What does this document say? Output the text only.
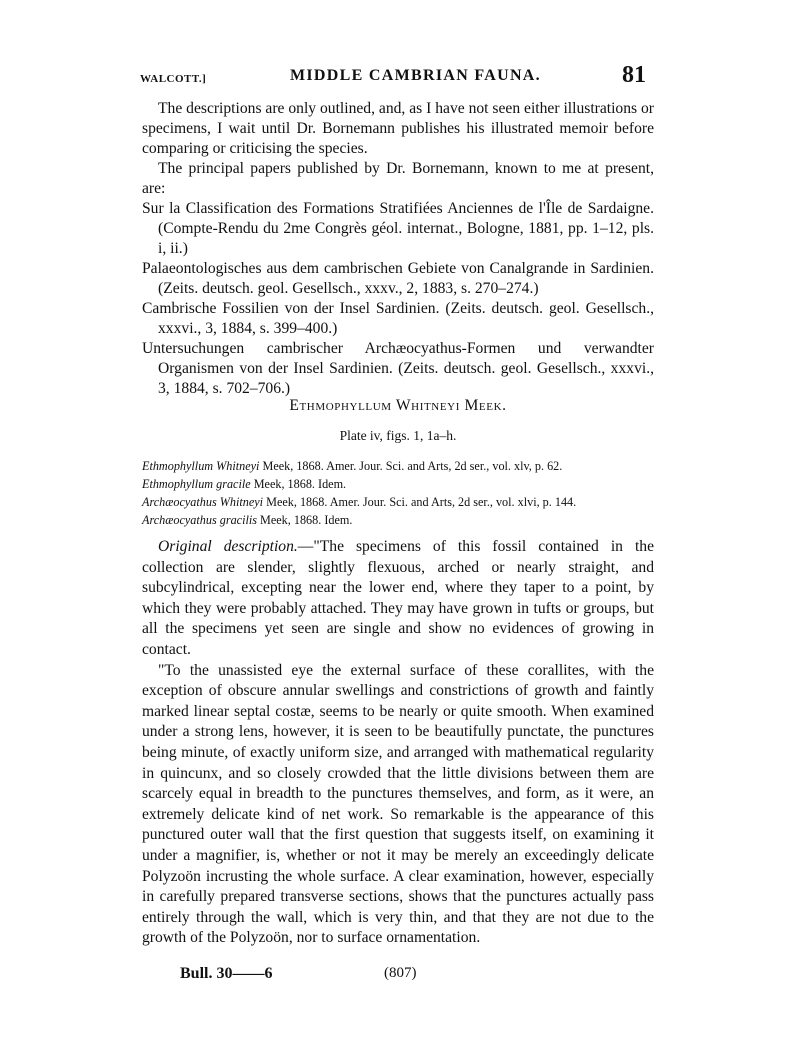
WALCOTT.]	MIDDLE CAMBRIAN FAUNA.	81

The descriptions are only outlined, and, as I have not seen either illustrations or specimens, I wait until Dr. Bornemann publishes his illustrated memoir before comparing or criticising the species.

The principal papers published by Dr. Bornemann, known to me at present, are:

Sur la Classification des Formations Stratifiées Anciennes de l'Île de Sardaigne. (Compte-Rendu du 2me Congrès géol. internat., Bologne, 1881, pp. 1–12, pls. i, ii.)

Palaeontologisches aus dem cambrischen Gebiete von Canalgrande in Sardinien. (Zeits. deutsch. geol. Gesellsch., xxxv., 2, 1883, s. 270–274.)

Cambrische Fossilien von der Insel Sardinien. (Zeits. deutsch. geol. Gesellsch., xxxvi., 3, 1884, s. 399–400.)

Untersuchungen cambrischer Archæocyathus-Formen und verwandter Organismen von der Insel Sardinien. (Zeits. deutsch. geol. Gesellsch., xxxvi., 3, 1884, s. 702–706.)

Ethmophyllum Whitneyi Meek.
Plate iv, figs. 1, 1a–h.

Ethmophyllum Whitneyi Meek, 1868. Amer. Jour. Sci. and Arts, 2d ser., vol. xlv, p. 62.

Ethmophyllum gracile Meek, 1868. Idem.

Archæocyathus Whitneyi Meek, 1868. Amer. Jour. Sci. and Arts, 2d ser., vol. xlvi, p. 144.

Archæocyathus gracilis Meek, 1868. Idem.

Original description.—"The specimens of this fossil contained in the collection are slender, slightly flexuous, arched or nearly straight, and subcylindrical, excepting near the lower end, where they taper to a point, by which they were probably attached. They may have grown in tufts or groups, but all the specimens yet seen are single and show no evidences of growing in contact.

"To the unassisted eye the external surface of these corallites, with the exception of obscure annular swellings and constrictions of growth and faintly marked linear septal costæ, seems to be nearly or quite smooth. When examined under a strong lens, however, it is seen to be beautifully punctate, the punctures being minute, of exactly uniform size, and arranged with mathematical regularity in quincunx, and so closely crowded that the little divisions between them are scarcely equal in breadth to the punctures themselves, and form, as it were, an extremely delicate kind of net work. So remarkable is the appearance of this punctured outer wall that the first question that suggests itself, on examining it under a magnifier, is, whether or not it may be merely an exceedingly delicate Polyzoön incrusting the whole surface. A clear examination, however, especially in carefully prepared transverse sections, shows that the punctures actually pass entirely through the wall, which is very thin, and that they are not due to the growth of the Polyzoön, nor to surface ornamentation.

Bull. 30——6	(807)
